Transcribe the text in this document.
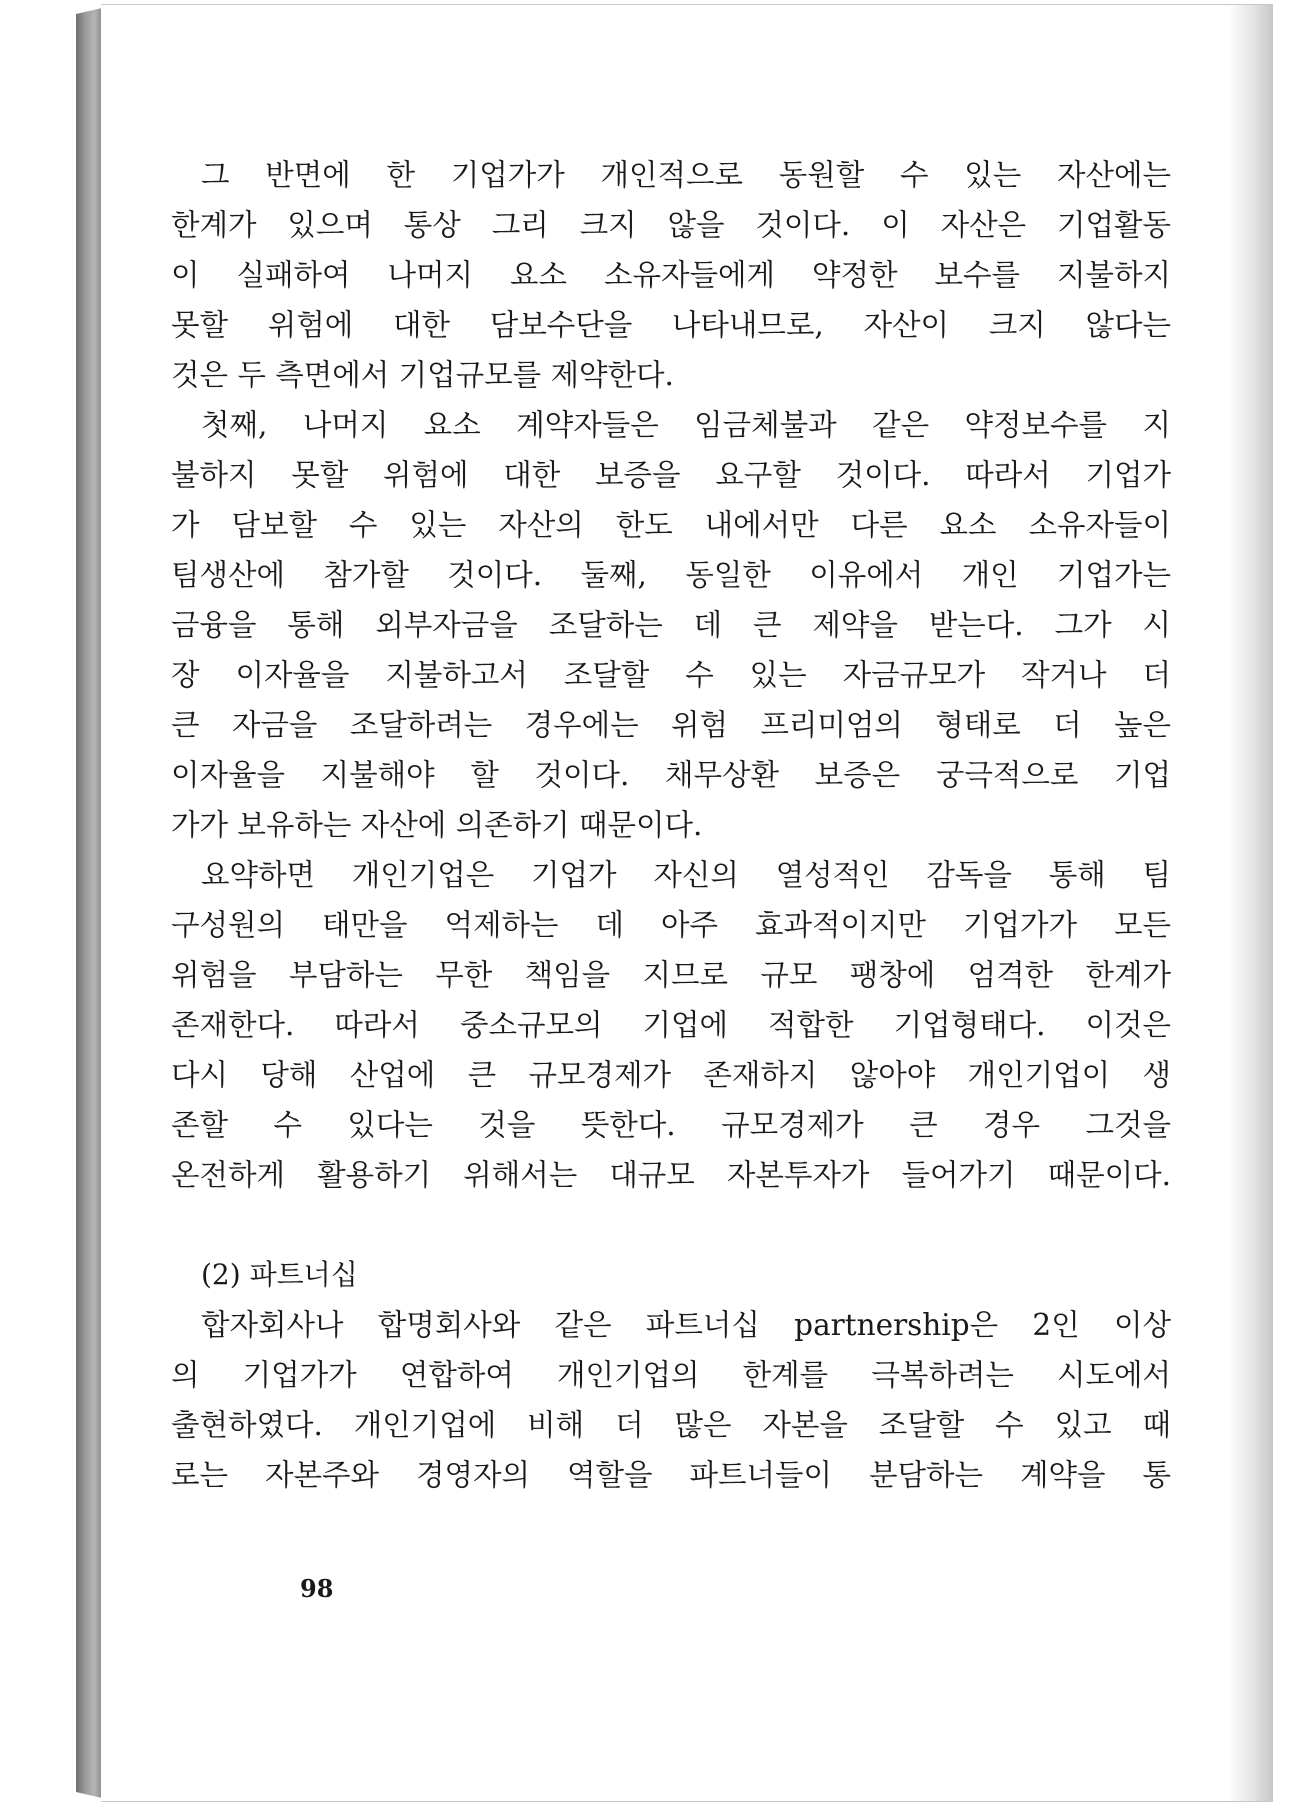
그 반면에 한 기업가가 개인적으로 동원할 수 있는 자산에는
한계가 있으며 통상 그리 크지 않을 것이다. 이 자산은 기업활동
이 실패하여 나머지 요소 소유자들에게 약정한 보수를 지불하지
못할 위험에 대한 담보수단을 나타내므로, 자산이 크지 않다는
것은 두 측면에서 기업규모를 제약한다.
첫째, 나머지 요소 계약자들은 임금체불과 같은 약정보수를 지
불하지 못할 위험에 대한 보증을 요구할 것이다. 따라서 기업가
가 담보할 수 있는 자산의 한도 내에서만 다른 요소 소유자들이
팀생산에 참가할 것이다. 둘째, 동일한 이유에서 개인 기업가는
금융을 통해 외부자금을 조달하는 데 큰 제약을 받는다. 그가 시
장 이자율을 지불하고서 조달할 수 있는 자금규모가 작거나 더
큰 자금을 조달하려는 경우에는 위험 프리미엄의 형태로 더 높은
이자율을 지불해야 할 것이다. 채무상환 보증은 궁극적으로 기업
가가 보유하는 자산에 의존하기 때문이다.
요약하면 개인기업은 기업가 자신의 열성적인 감독을 통해 팀
구성원의 태만을 억제하는 데 아주 효과적이지만 기업가가 모든
위험을 부담하는 무한 책임을 지므로 규모 팽창에 엄격한 한계가
존재한다. 따라서 중소규모의 기업에 적합한 기업형태다. 이것은
다시 당해 산업에 큰 규모경제가 존재하지 않아야 개인기업이 생
존할 수 있다는 것을 뜻한다. 규모경제가 큰 경우 그것을
온전하게 활용하기 위해서는 대규모 자본투자가 들어가기 때문이다.
(2) 파트너십
합자회사나 합명회사와 같은 파트너십 partnership은 2인 이상
의 기업가가 연합하여 개인기업의 한계를 극복하려는 시도에서
출현하였다. 개인기업에 비해 더 많은 자본을 조달할 수 있고 때
로는 자본주와 경영자의 역할을 파트너들이 분담하는 계약을 통
98
